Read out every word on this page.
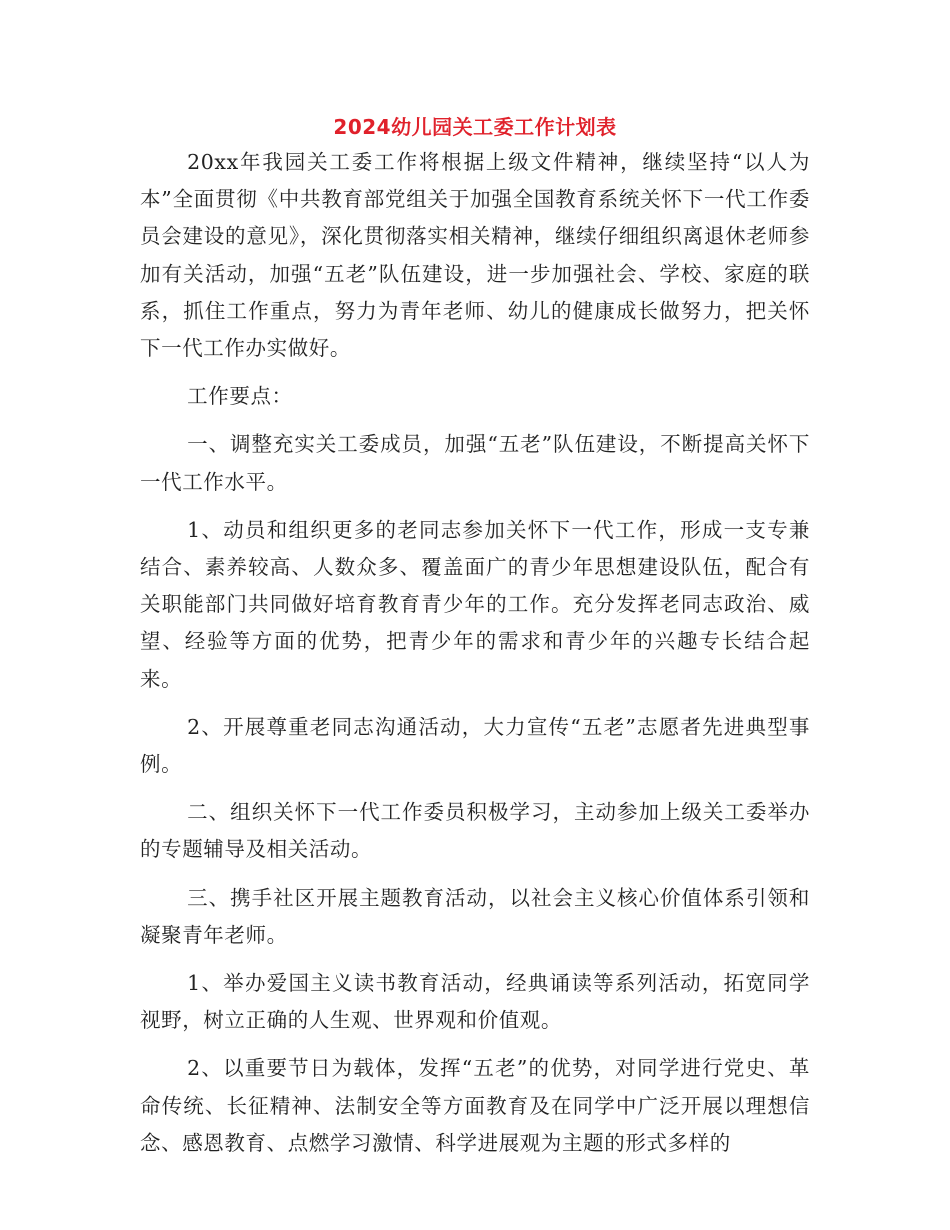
2024幼儿园关工委工作计划表

20xx年我园关工委工作将根据上级文件精神，继续坚持“以人为本”全面贯彻《中共教育部党组关于加强全国教育系统关怀下一代工作委员会建设的意见》，深化贯彻落实相关精神，继续仔细组织离退休老师参加有关活动，加强“五老”队伍建设，进一步加强社会、学校、家庭的联系，抓住工作重点，努力为青年老师、幼儿的健康成长做努力，把关怀下一代工作办实做好。

工作要点：

一、调整充实关工委成员，加强“五老”队伍建设，不断提高关怀下一代工作水平。

1、动员和组织更多的老同志参加关怀下一代工作，形成一支专兼结合、素养较高、人数众多、覆盖面广的青少年思想建设队伍，配合有关职能部门共同做好培育教育青少年的工作。充分发挥老同志政治、威望、经验等方面的优势，把青少年的需求和青少年的兴趣专长结合起来。

2、开展尊重老同志沟通活动，大力宣传“五老”志愿者先进典型事例。

二、组织关怀下一代工作委员积极学习，主动参加上级关工委举办的专题辅导及相关活动。

三、携手社区开展主题教育活动，以社会主义核心价值体系引领和凝聚青年老师。

1、举办爱国主义读书教育活动，经典诵读等系列活动，拓宽同学视野，树立正确的人生观、世界观和价值观。

2、以重要节日为载体，发挥“五老”的优势，对同学进行党史、革命传统、长征精神、法制安全等方面教育及在同学中广泛开展以理想信念、感恩教育、点燃学习激情、科学进展观为主题的形式多样的
